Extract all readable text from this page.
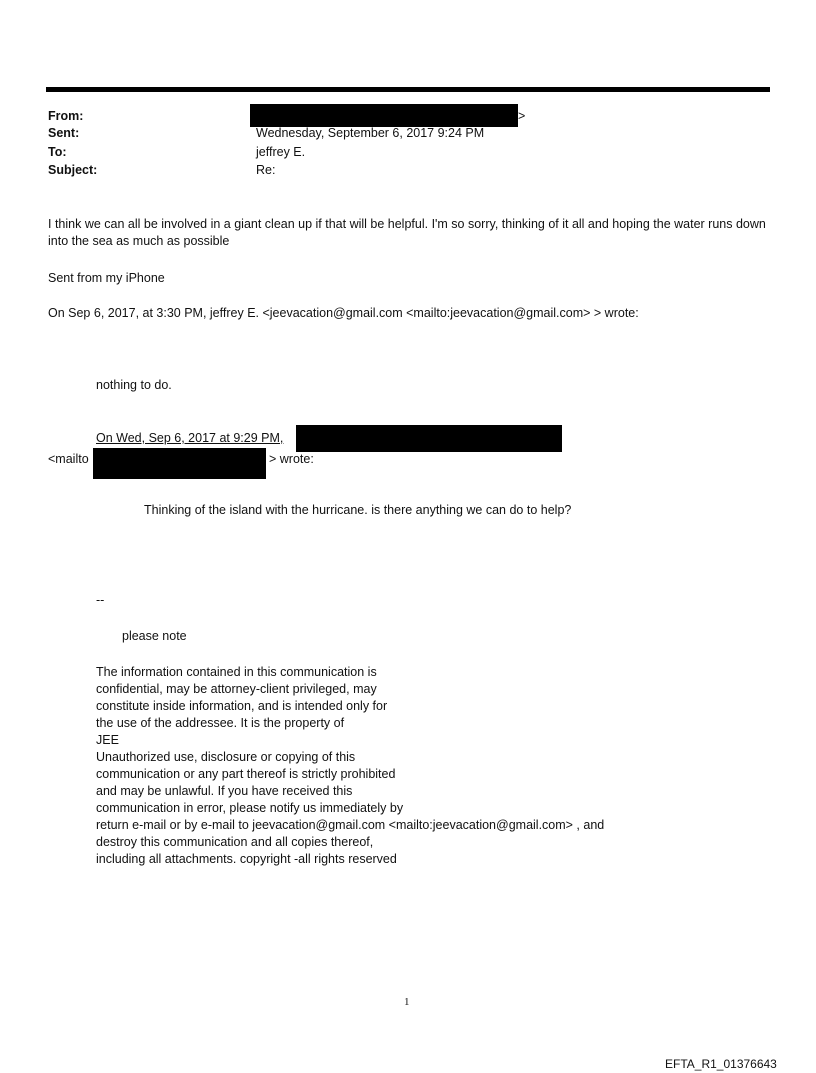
From:	>
Sent:	Wednesday, September 6, 2017 9:24 PM
To:	jeffrey E.
Subject:	Re:
I think we can all be involved in a giant clean up if that will be helpful. I'm so sorry, thinking of it all and hoping the water runs down into the sea as much as possible
Sent from my iPhone
On Sep 6, 2017, at 3:30 PM, jeffrey E. <jeevacation@gmail.com <mailto:jeevacation@gmail.com> > wrote:
nothing to do.
On Wed, Sep 6, 2017 at 9:29 PM,
<mailto	> wrote:
Thinking of the island with the hurricane. is there anything we can do to help?
--
please note
The information contained in this communication is
confidential, may be attorney-client privileged, may
constitute inside information, and is intended only for
the use of the addressee. It is the property of
JEE
Unauthorized use, disclosure or copying of this
communication or any part thereof is strictly prohibited
and may be unlawful. If you have received this
communication in error, please notify us immediately by
return e-mail or by e-mail to jeevacation@gmail.com <mailto:jeevacation@gmail.com> , and
destroy this communication and all copies thereof,
including all attachments. copyright -all rights reserved
1
EFTA_R1_01376643
